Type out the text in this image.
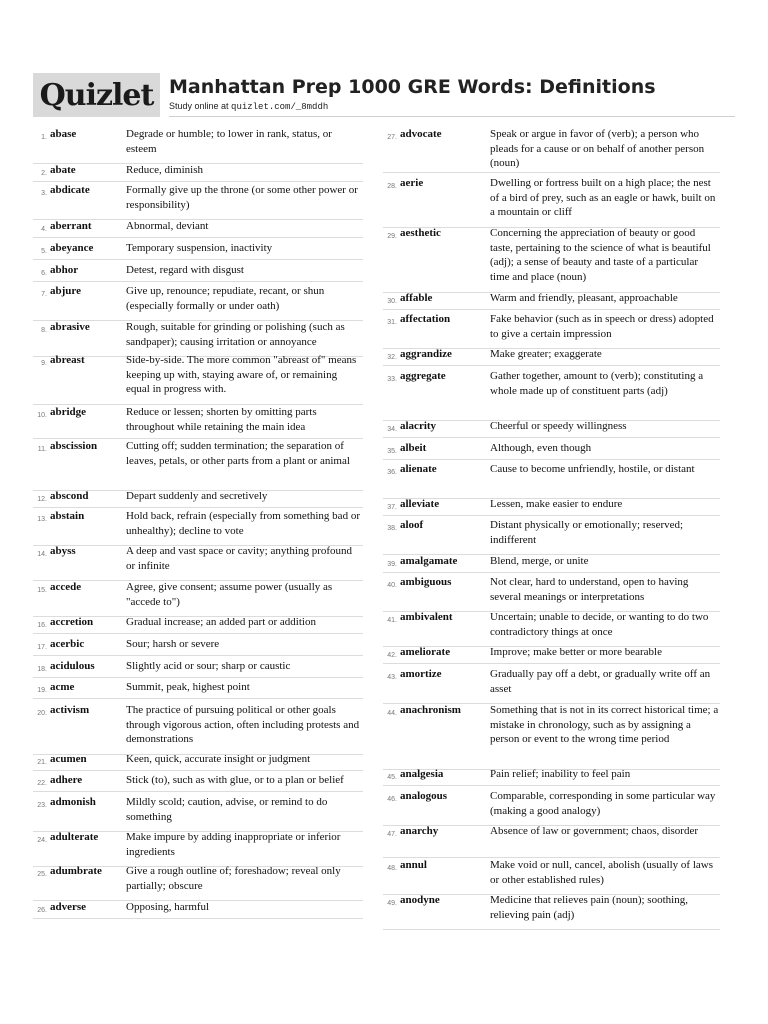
Quizlet Manhattan Prep 1000 GRE Words: Definitions
Study online at quizlet.com/_8mddh
1. abase	Degrade or humble; to lower in rank, status, or esteem
2. abate	Reduce, diminish
3. abdicate	Formally give up the throne (or some other power or responsibility)
4. aberrant	Abnormal, deviant
5. abeyance	Temporary suspension, inactivity
6. abhor	Detest, regard with disgust
7. abjure	Give up, renounce; repudiate, recant, or shun (especially formally or under oath)
8. abrasive	Rough, suitable for grinding or polishing (such as sandpaper); causing irritation or annoyance
9. abreast	Side-by-side. The more common "abreast of" means keeping up with, staying aware of, or remaining equal in progress with.
10. abridge	Reduce or lessen; shorten by omitting parts throughout while retaining the main idea
11. abscission	Cutting off; sudden termination; the separation of leaves, petals, or other parts from a plant or animal
12. abscond	Depart suddenly and secretively
13. abstain	Hold back, refrain (especially from something bad or unhealthy); decline to vote
14. abyss	A deep and vast space or cavity; anything profound or infinite
15. accede	Agree, give consent; assume power (usually as "accede to")
16. accretion	Gradual increase; an added part or addition
17. acerbic	Sour; harsh or severe
18. acidulous	Slightly acid or sour; sharp or caustic
19. acme	Summit, peak, highest point
20. activism	The practice of pursuing political or other goals through vigorous action, often including protests and demonstrations
21. acumen	Keen, quick, accurate insight or judgment
22. adhere	Stick (to), such as with glue, or to a plan or belief
23. admonish	Mildly scold; caution, advise, or remind to do something
24. adulterate	Make impure by adding inappropriate or inferior ingredients
25. adumbrate Give a rough outline of; foreshadow; reveal only partially; obscure
26. adverse	Opposing, harmful
27. advocate	Speak or argue in favor of (verb); a person who pleads for a cause or on behalf of another person (noun)
28. aerie	Dwelling or fortress built on a high place; the nest of a bird of prey, such as an eagle or hawk, built on a mountain or cliff
29. aesthetic	Concerning the appreciation of beauty or good taste, pertaining to the science of what is beautiful (adj); a sense of beauty and taste of a particular time and place (noun)
30. affable	Warm and friendly, pleasant, approachable
31. affectation	Fake behavior (such as in speech or dress) adopted to give a certain impression
32. aggrandize	Make greater; exaggerate
33. aggregate	Gather together, amount to (verb); constituting a whole made up of constituent parts (adj)
34. alacrity	Cheerful or speedy willingness
35. albeit	Although, even though
36. alienate	Cause to become unfriendly, hostile, or distant
37. alleviate	Lessen, make easier to endure
38. aloof	Distant physically or emotionally; reserved; indifferent
39. amalgamate	Blend, merge, or unite
40. ambiguous	Not clear, hard to understand, open to having several meanings or interpretations
41. ambivalent	Uncertain; unable to decide, or wanting to do two contradictory things at once
42. ameliorate	Improve; make better or more bearable
43. amortize	Gradually pay off a debt, or gradually write off an asset
44. anachronism	Something that is not in its correct historical time; a mistake in chronology, such as by assigning a person or event to the wrong time period
45. analgesia	Pain relief; inability to feel pain
46. analogous	Comparable, corresponding in some particular way (making a good analogy)
47. anarchy	Absence of law or government; chaos, disorder
48. annul	Make void or null, cancel, abolish (usually of laws or other established rules)
49. anodyne	Medicine that relieves pain (noun); soothing, relieving pain (adj)
